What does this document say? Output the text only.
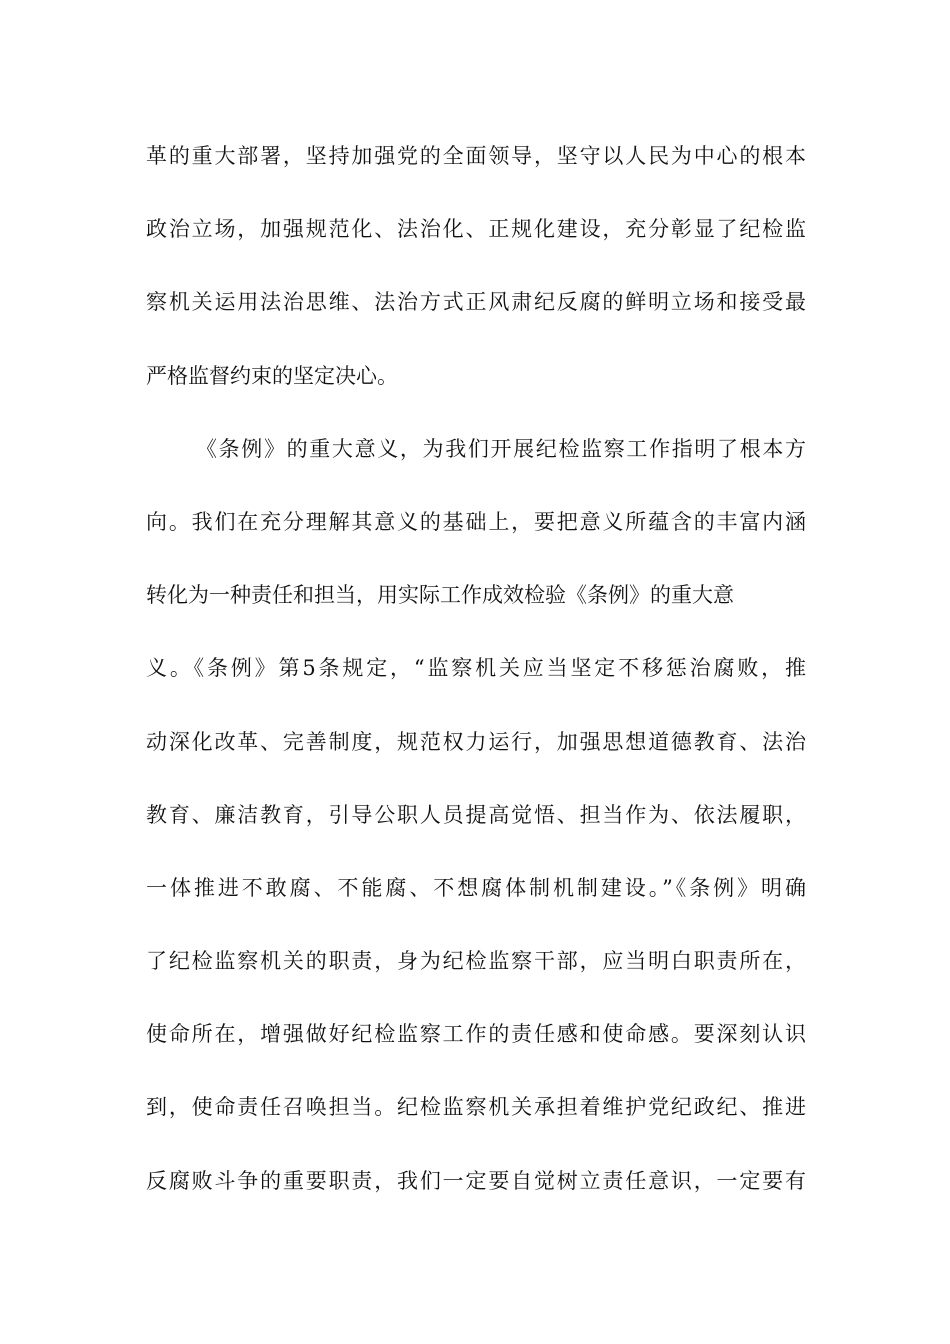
革的重大部署，坚持加强党的全面领导，坚守以人民为中心的根本
政治立场，加强规范化、法治化、正规化建设，充分彰显了纪检监
察机关运用法治思维、法治方式正风肃纪反腐的鲜明立场和接受最
严格监督约束的坚定决心。
《条例》的重大意义，为我们开展纪检监察工作指明了根本方
向。我们在充分理解其意义的基础上，要把意义所蕴含的丰富内涵
转化为一种责任和担当，用实际工作成效检验《条例》的重大意
义。《条例》第5条规定，“监察机关应当坚定不移惩治腐败，推
动深化改革、完善制度，规范权力运行，加强思想道德教育、法治
教育、廉洁教育，引导公职人员提高觉悟、担当作为、依法履职，
一体推进不敢腐、不能腐、不想腐体制机制建设。”《条例》明确
了纪检监察机关的职责，身为纪检监察干部，应当明白职责所在，
使命所在，增强做好纪检监察工作的责任感和使命感。要深刻认识
到，使命责任召唤担当。纪检监察机关承担着维护党纪政纪、推进
反腐败斗争的重要职责，我们一定要自觉树立责任意识，一定要有
